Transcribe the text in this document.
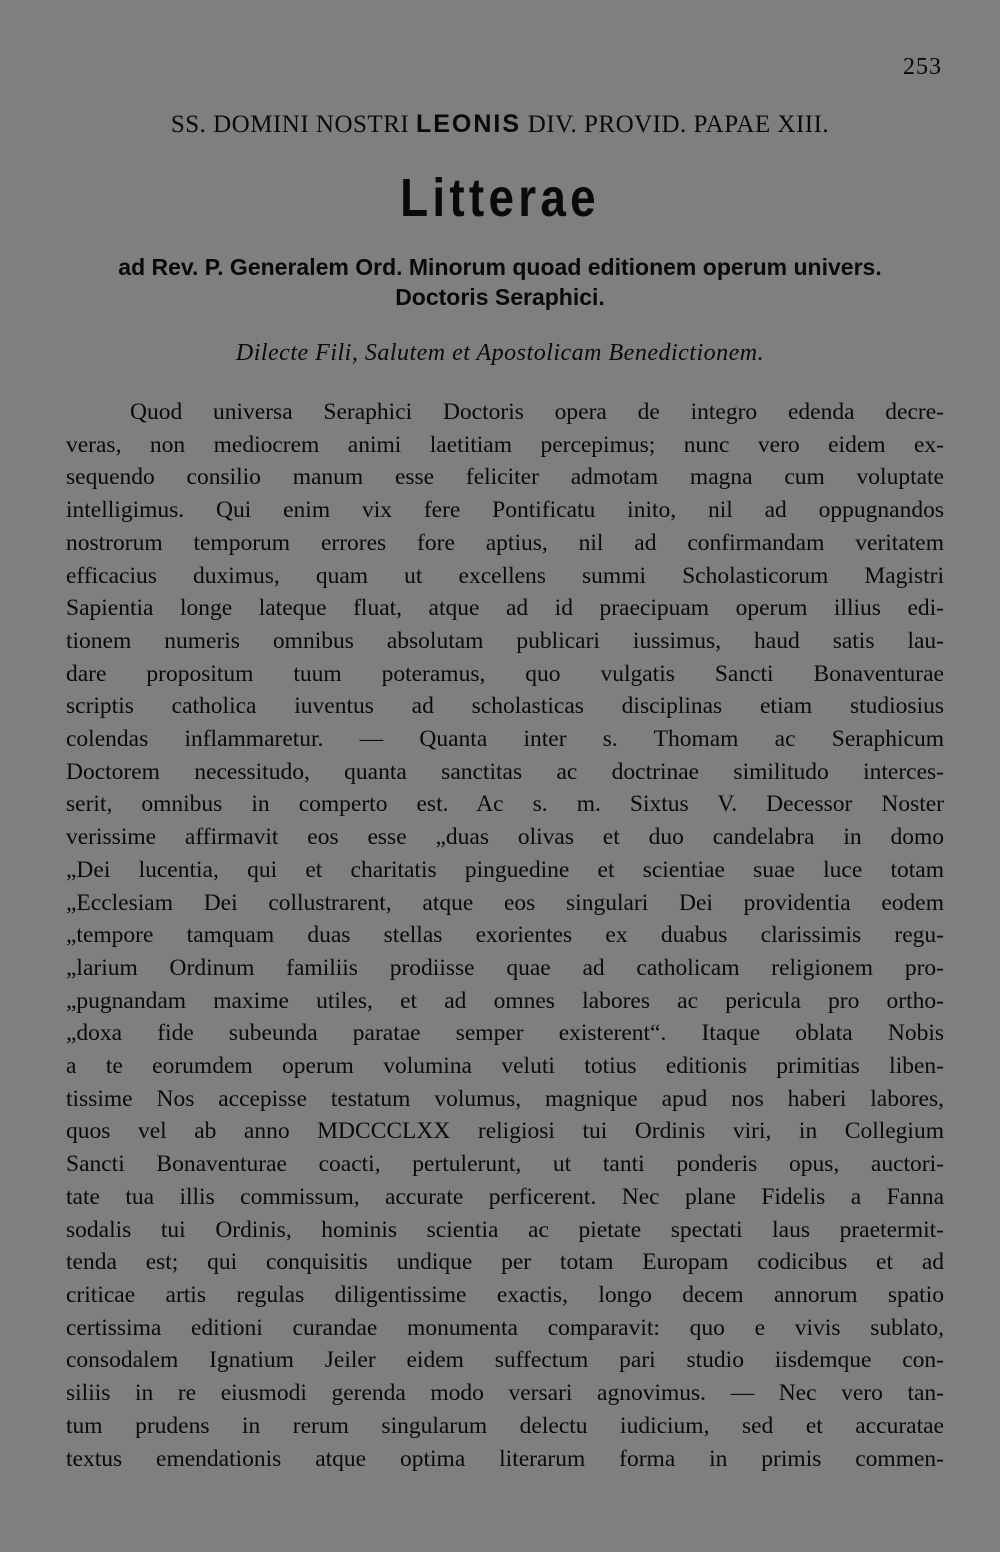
253
SS. DOMINI NOSTRI LEONIS DIV. PROVID. PAPAE XIII.
Litterae
ad Rev. P. Generalem Ord. Minorum quoad editionem operum univers.
Doctoris Seraphici.
Dilecte Fili, Salutem et Apostolicam Benedictionem.
Quod universa Seraphici Doctoris opera de integro edenda decre-
veras, non mediocrem animi laetitiam percepimus; nunc vero eidem ex-
sequendo consilio manum esse feliciter admotam magna cum voluptate
intelligimus. Qui enim vix fere Pontificatu inito, nil ad oppugnandos
nostrorum temporum errores fore aptius, nil ad confirmandam veritatem
efficacius duximus, quam ut excellens summi Scholasticorum Magistri
Sapientia longe lateque fluat, atque ad id praecipuam operum illius edi-
tionem numeris omnibus absolutam publicari iussimus, haud satis lau-
dare propositum tuum poteramus, quo vulgatis Sancti Bonaventurae
scriptis catholica iuventus ad scholasticas disciplinas etiam studiosius
colendas inflammaretur. — Quanta inter s. Thomam ac Seraphicum
Doctorem necessitudo, quanta sanctitas ac doctrinae similitudo interces-
serit, omnibus in comperto est. Ac s. m. Sixtus V. Decessor Noster
verissime affirmavit eos esse „duas olivas et duo candelabra in domo
„Dei lucentia, qui et charitatis pinguedine et scientiae suae luce totam
„Ecclesiam Dei collustrarent, atque eos singulari Dei providentia eodem
„tempore tamquam duas stellas exorientes ex duabus clarissimis regu-
„larium Ordinum familiis prodiisse quae ad catholicam religionem pro-
„pugnandam maxime utiles, et ad omnes labores ac pericula pro ortho-
„doxa fide subeunda paratae semper existerent“. Itaque oblata Nobis
a te eorumdem operum volumina veluti totius editionis primitias liben-
tissime Nos accepisse testatum volumus, magnique apud nos haberi labores,
quos vel ab anno MDCCCLXX religiosi tui Ordinis viri, in Collegium
Sancti Bonaventurae coacti, pertulerunt, ut tanti ponderis opus, auctori-
tate tua illis commissum, accurate perficerent. Nec plane Fidelis a Fanna
sodalis tui Ordinis, hominis scientia ac pietate spectati laus praetermit-
tenda est; qui conquisitis undique per totam Europam codicibus et ad
criticae artis regulas diligentissime exactis, longo decem annorum spatio
certissima editioni curandae monumenta comparavit: quo e vivis sublato,
consodalem Ignatium Jeiler eidem suffectum pari studio iisdemque con-
siliis in re eiusmodi gerenda modo versari agnovimus. — Nec vero tan-
tum prudens in rerum singularum delectu iudicium, sed et accuratae
textus emendationis atque optima literarum forma in primis commen-
